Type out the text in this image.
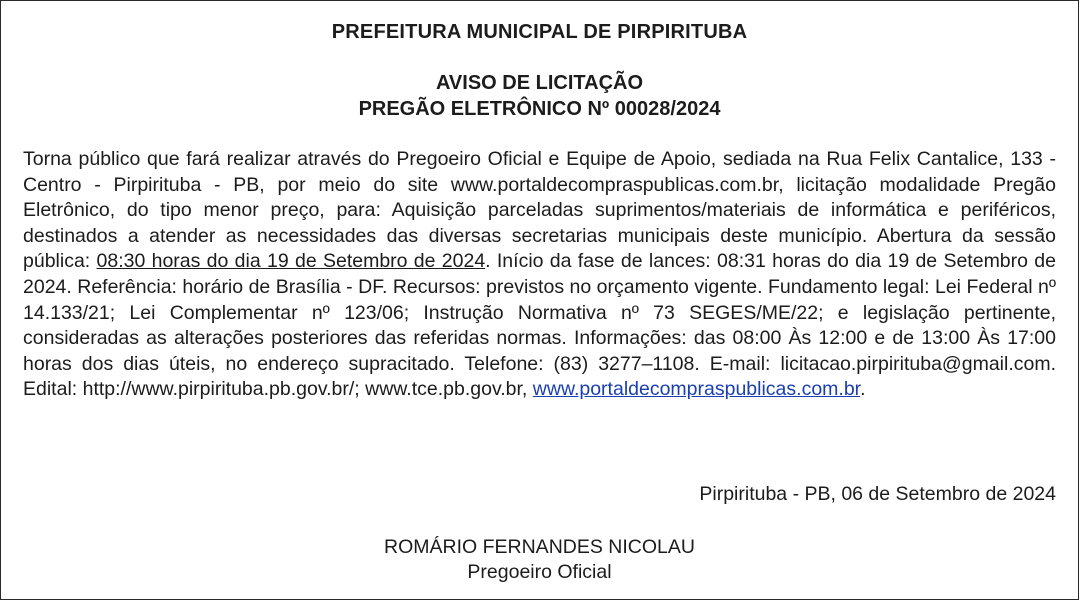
PREFEITURA MUNICIPAL DE PIRPIRITUBA
AVISO DE LICITAÇÃO
PREGÃO ELETRÔNICO Nº 00028/2024

Torna público que fará realizar através do Pregoeiro Oficial e Equipe de Apoio, sediada na Rua Felix Cantalice, 133 - Centro - Pirpirituba - PB, por meio do site www.portaldecompraspublicas.com.br, licitação modalidade Pregão Eletrônico, do tipo menor preço, para: Aquisição parceladas suprimentos/materiais de informática e periféricos, destinados a atender as necessidades das diversas secretarias municipais deste município. Abertura da sessão pública: 08:30 horas do dia 19 de Setembro de 2024. Início da fase de lances: 08:31 horas do dia 19 de Setembro de 2024. Referência: horário de Brasília - DF. Recursos: previstos no orçamento vigente. Fundamento legal: Lei Federal nº 14.133/21; Lei Complementar nº 123/06; Instrução Normativa nº 73 SEGES/ME/22; e legislação pertinente, consideradas as alterações posteriores das referidas normas. Informações: das 08:00 Às 12:00 e de 13:00 Às 17:00 horas dos dias úteis, no endereço supracitado. Telefone: (83) 3277–1108. E-mail: licitacao.pirpirituba@gmail.com. Edital: http://www.pirpirituba.pb.gov.br/; www.tce.pb.gov.br, www.portaldecompraspublicas.com.br.

Pirpirituba - PB, 06 de Setembro de 2024
ROMÁRIO FERNANDES NICOLAU
Pregoeiro Oficial
